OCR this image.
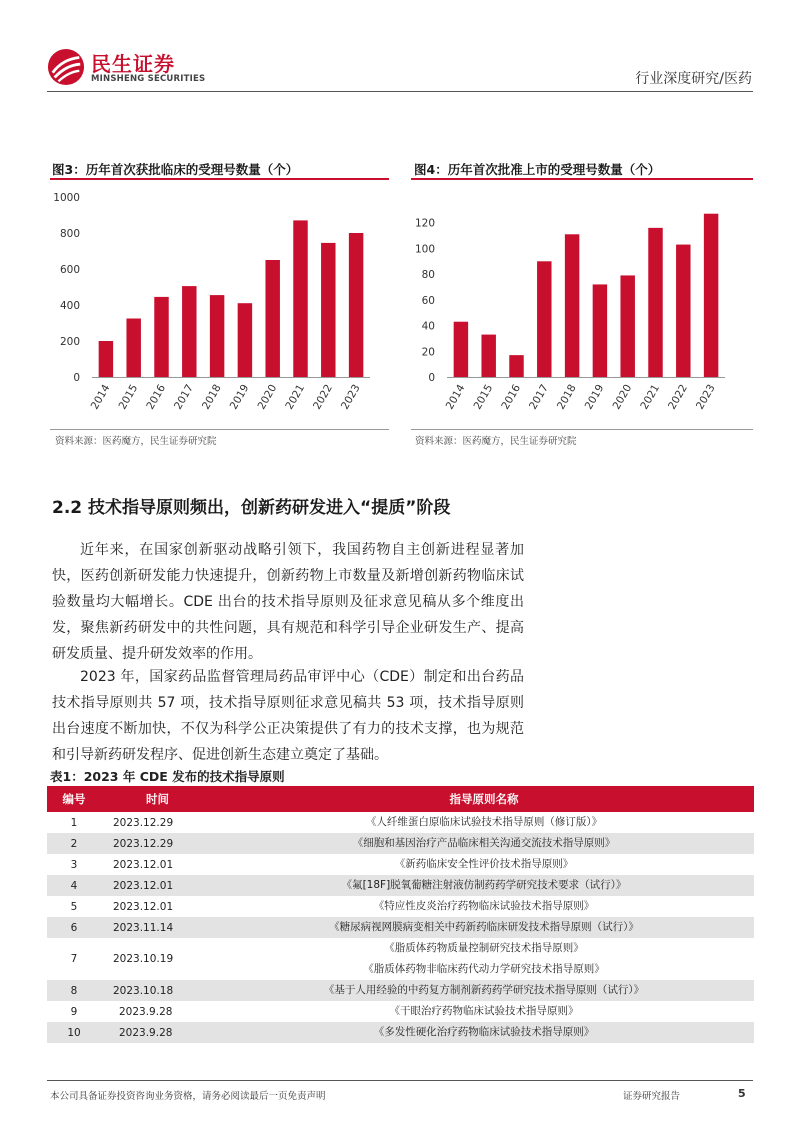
民生证券
MINSHENG SECURITIES	行业深度研究/医药
图3：历年首次获批临床的受理号数量（个）
0
200
400
600
800
1000
2014 2015 2016 2017 2018 2019 2020 2021 2022 2023
资料来源：医药魔方，民生证券研究院
图4：历年首次批准上市的受理号数量（个）
0
20
40
60
80
100
120
2014 2015 2016 2017 2018 2019 2020 2021 2022 2023
资料来源：医药魔方，民生证券研究院
2.2 技术指导原则频出，创新药研发进入“提质”阶段
近年来，在国家创新驱动战略引领下，我国药物自主创新进程显著加快，医药创新研发能力快速提升，创新药物上市数量及新增创新药物临床试验数量均大幅增长。CDE 出台的技术指导原则及征求意见稿从多个维度出发，聚焦新药研发中的共性问题，具有规范和科学引导企业研发生产、提高研发质量、提升研发效率的作用。
2023 年，国家药品监督管理局药品审评中心（CDE）制定和出台药品技术指导原则共 57 项，技术指导原则征求意见稿共 53 项，技术指导原则出台速度不断加快，不仅为科学公正决策提供了有力的技术支撑，也为规范和引导新药研发程序、促进创新生态建立奠定了基础。
表1：2023 年 CDE 发布的技术指导原则
编号	时间	指导原则名称
1	2023.12.29	《人纤维蛋白原临床试验技术指导原则（修订版）》

2	2023.12.29	《细胞和基因治疗产品临床相关沟通交流技术指导原则》

3	2023.12.01	《新药临床安全性评价技术指导原则》

4	2023.12.01	《氟[18F]脱氧葡糖注射液仿制药药学研究技术要求（试行）》

5	2023.12.01	《特应性皮炎治疗药物临床试验技术指导原则》

6	2023.11.14	《糖尿病视网膜病变相关中药新药临床研发技术指导原则（试行）》

7	2023.10.19	《脂质体药物质量控制研究技术指导原则》
《脂质体药物非临床药代动力学研究技术指导原则》

8	2023.10.18	《基于人用经验的中药复方制剂新药药学研究技术指导原则（试行）》

9	2023.9.28	《干眼治疗药物临床试验技术指导原则》

10	2023.9.28	《多发性硬化治疗药物临床试验技术指导原则》
本公司具备证券投资咨询业务资格，请务必阅读最后一页免责声明	证券研究报告	5
